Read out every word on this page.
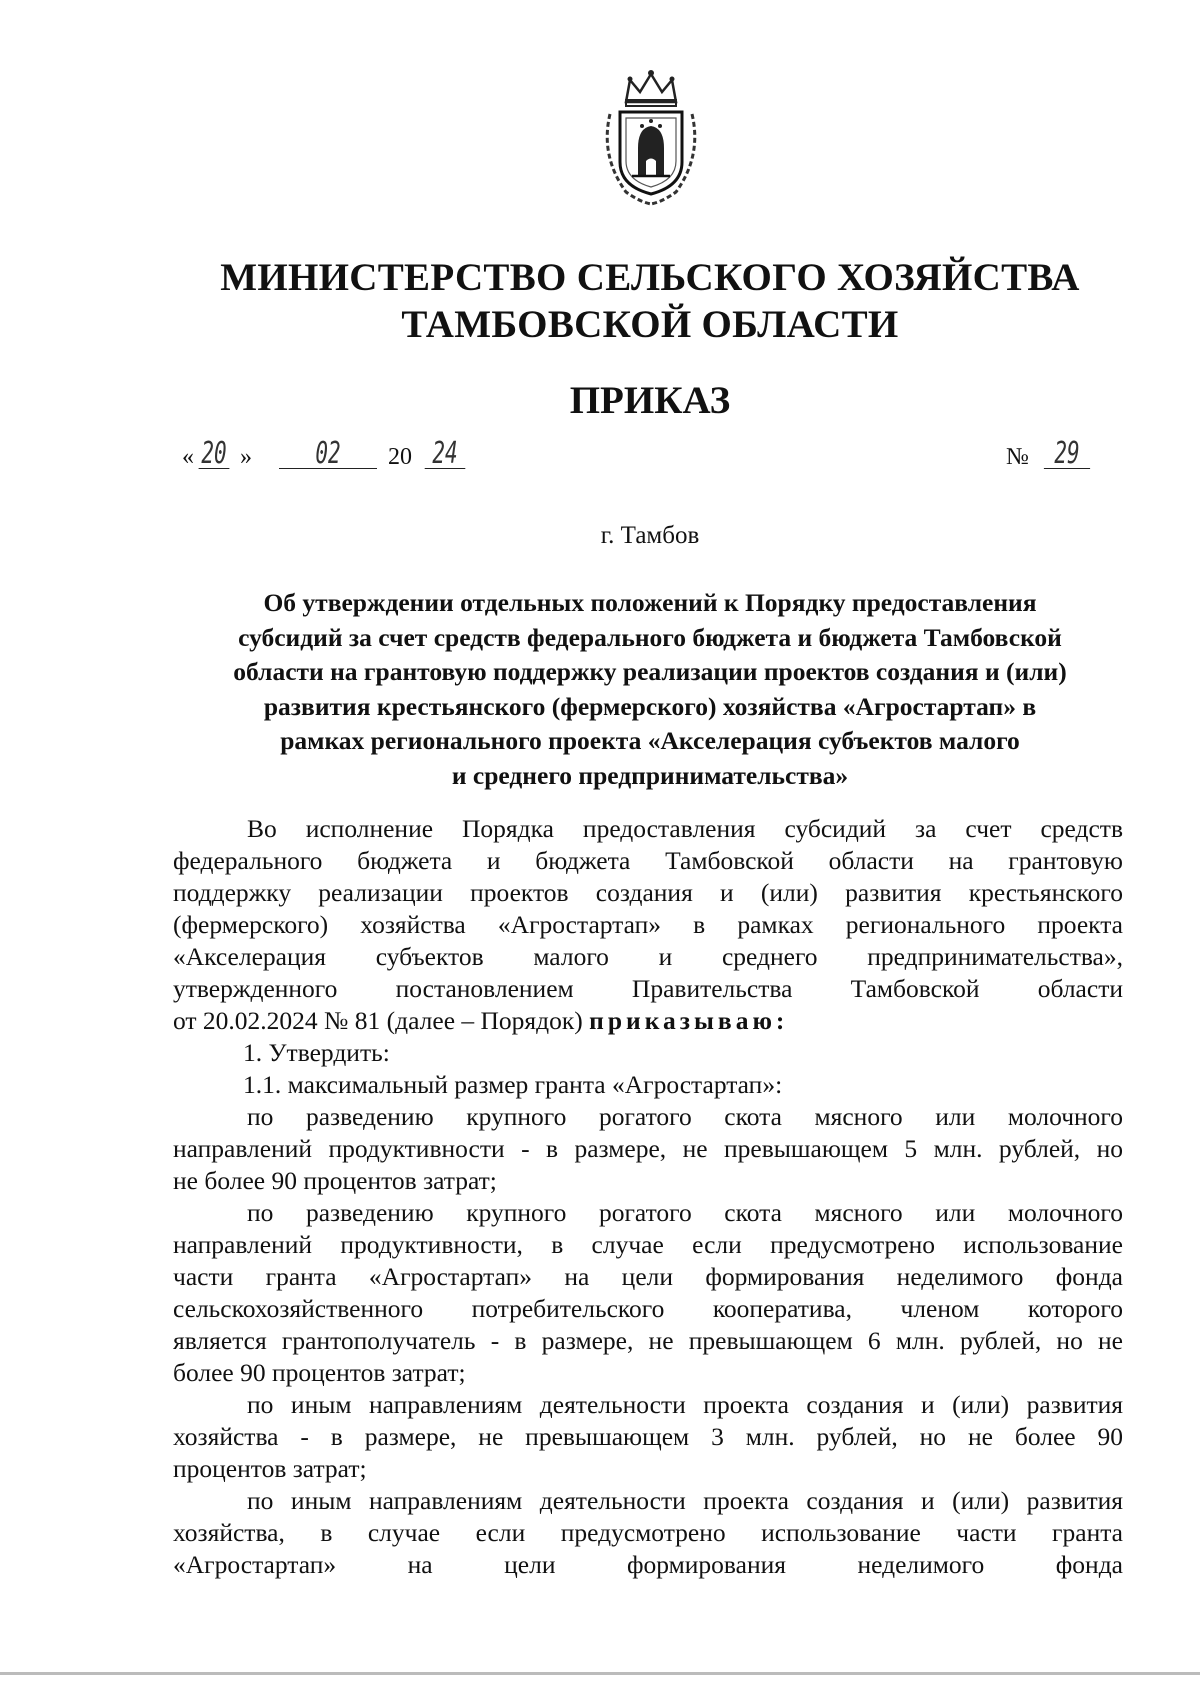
МИНИСТЕРСТВО СЕЛЬСКОГО ХОЗЯЙСТВА
ТАМБОВСКОЙ ОБЛАСТИ
ПРИКАЗ
« 20 »	02	20 24	№ 29
г. Тамбов
Об утверждении отдельных положений к Порядку предоставления
субсидий за счет средств федерального бюджета и бюджета Тамбовской
области на грантовую поддержку реализации проектов создания и (или)
развития крестьянского (фермерского) хозяйства «Агростартап» в
рамках регионального проекта «Акселерация субъектов малого
и среднего предпринимательства»
Во исполнение Порядка предоставления субсидий за счет средств
федерального бюджета и бюджета Тамбовской области на грантовую
поддержку реализации проектов создания и (или) развития крестьянского
(фермерского) хозяйства «Агростартап» в рамках регионального проекта
«Акселерация субъектов малого и среднего предпринимательства»,
утвержденного постановлением Правительства Тамбовской области
от 20.02.2024 № 81 (далее – Порядок) приказываю:
1. Утвердить:
1.1. максимальный размер гранта «Агростартап»:
по разведению крупного рогатого скота мясного или молочного
направлений продуктивности - в размере, не превышающем 5 млн. рублей, но
не более 90 процентов затрат;
по разведению крупного рогатого скота мясного или молочного
направлений продуктивности, в случае если предусмотрено использование
части гранта «Агростартап» на цели формирования неделимого фонда
сельскохозяйственного потребительского кооператива, членом которого
является грантополучатель - в размере, не превышающем 6 млн. рублей, но не
более 90 процентов затрат;
по иным направлениям деятельности проекта создания и (или) развития
хозяйства - в размере, не превышающем 3 млн. рублей, но не более 90
процентов затрат;
по иным направлениям деятельности проекта создания и (или) развития
хозяйства, в случае если предусмотрено использование части гранта
«Агростартап» на цели формирования неделимого фонда
